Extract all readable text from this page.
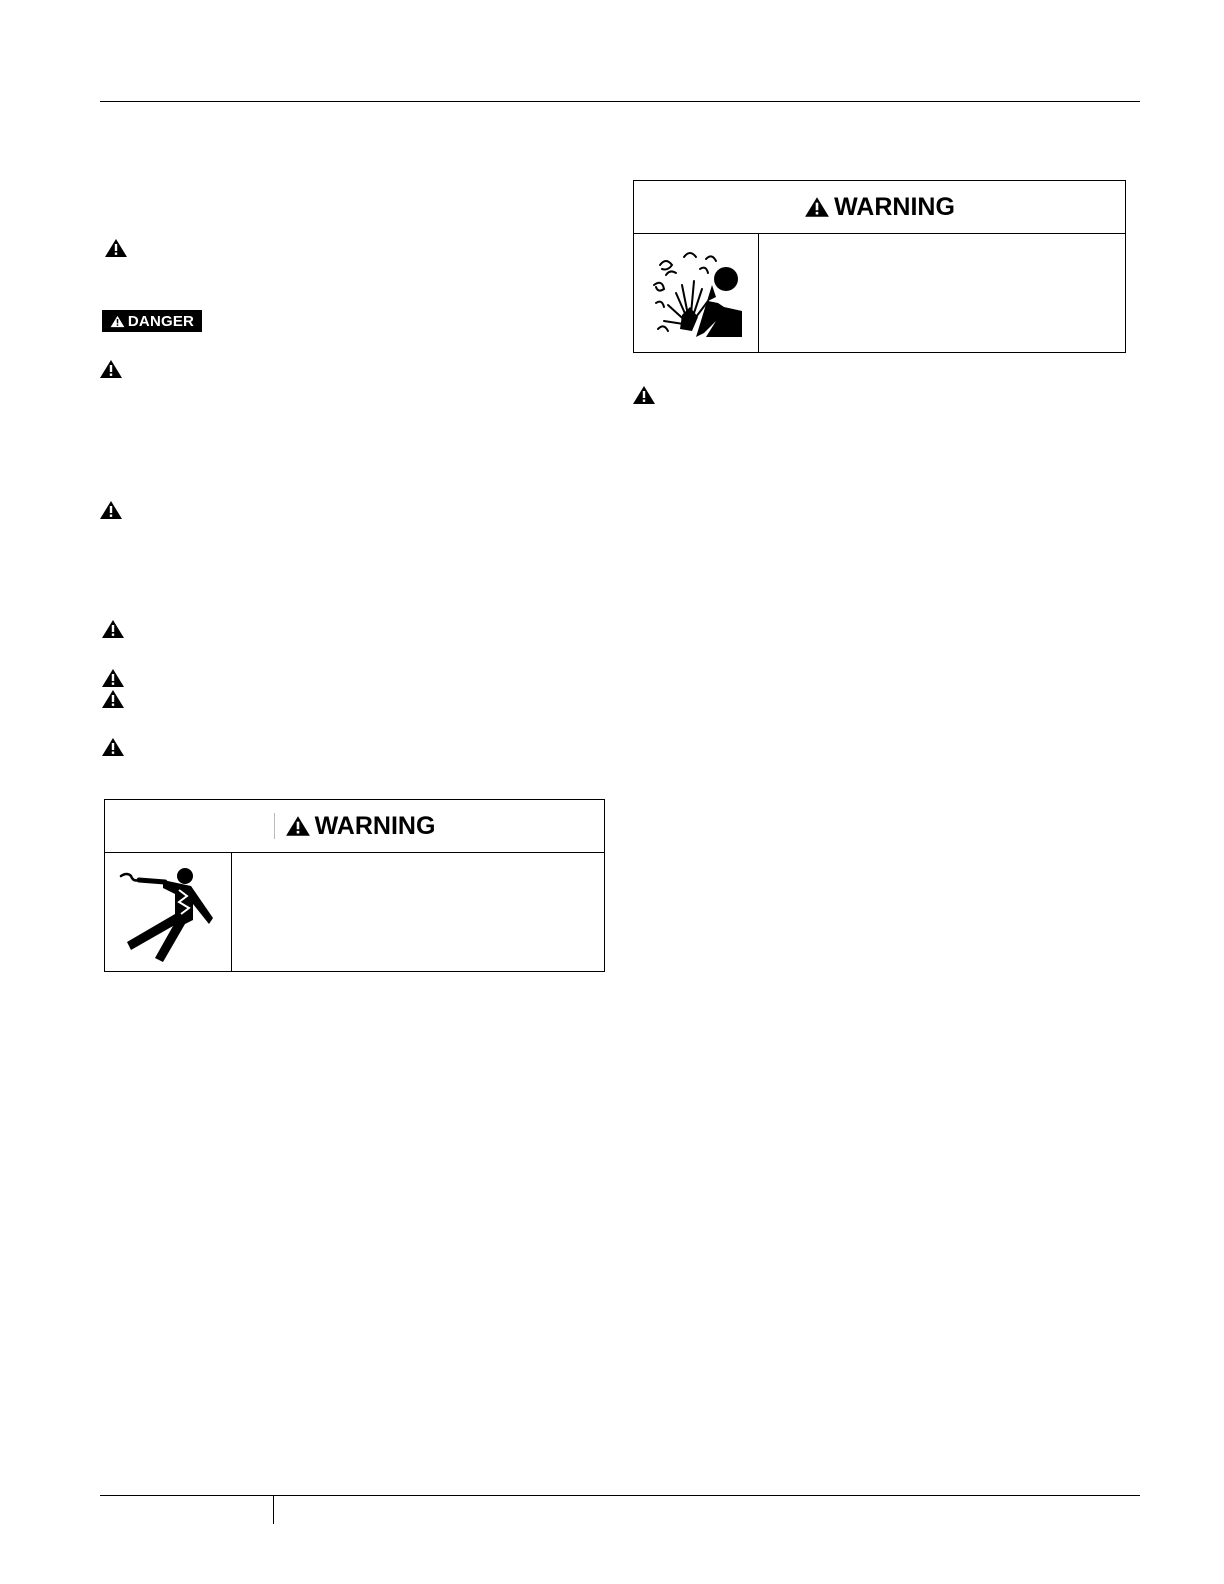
DANGER
WARNING
WARNING
